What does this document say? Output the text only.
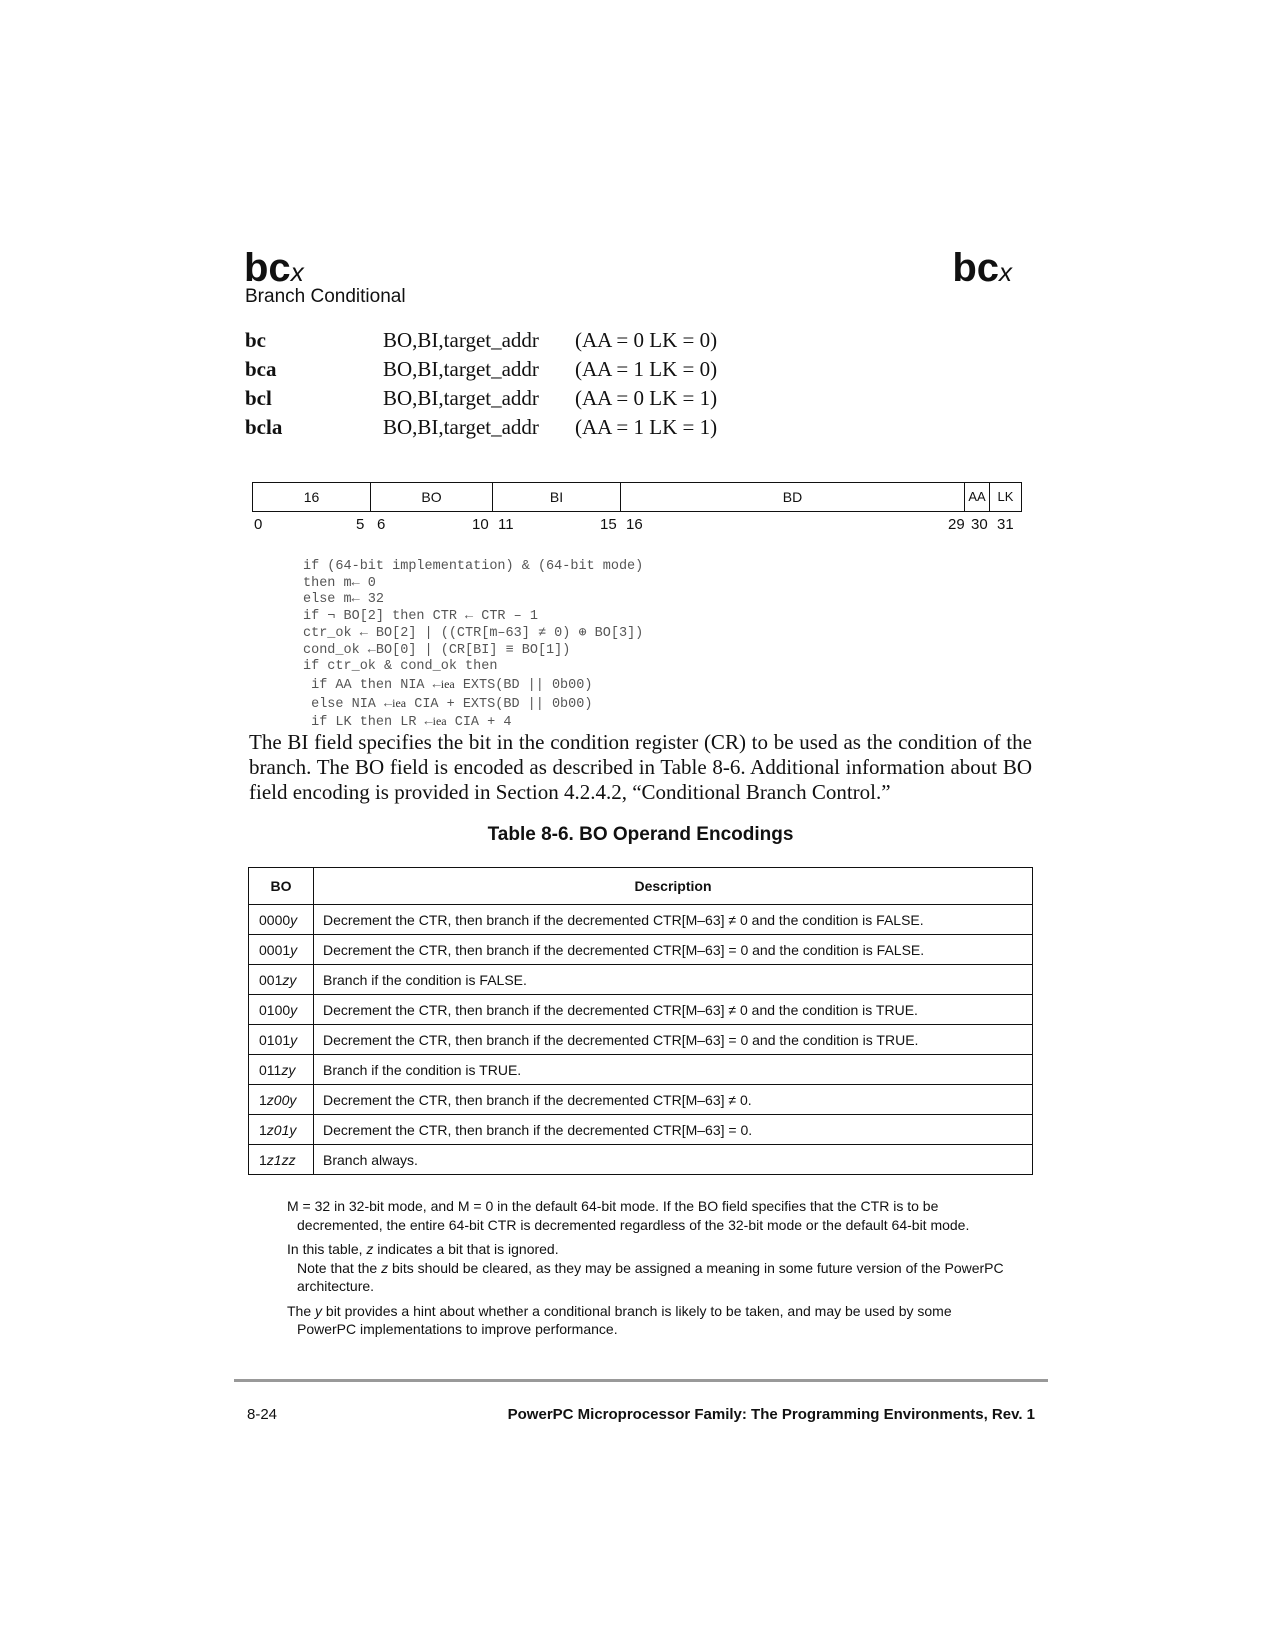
bcx	bcx
Branch Conditional
bc	BO,BI,target_addr (AA = 0 LK = 0)
bca	BO,BI,target_addr (AA = 1 LK = 0)
bcl	BO,BI,target_addr (AA = 0 LK = 1)
bcla	BO,BI,target_addr (AA = 1 LK = 1)
16	BO	BI	BD	AA LK
0	5 6	10 11	15 16	29 30 31
if (64-bit implementation) & (64-bit mode)
then m← 0
else m← 32
if ¬ BO[2] then CTR ← CTR – 1
ctr_ok ← BO[2] | ((CTR[m–63] ≠ 0) ⊕ BO[3])
cond_ok ←BO[0] | (CR[BI] ≡ BO[1])
if ctr_ok & cond_ok then
if AA then NIA ←iea EXTS(BD || 0b00)
else NIA ←iea CIA + EXTS(BD || 0b00)
if LK then LR ←iea CIA + 4
The BI field specifies the bit in the condition register (CR) to be used as the condition of the branch. The BO field is encoded as described in Table 8-6. Additional information about BO field encoding is provided in Section 4.2.4.2, “Conditional Branch Control.”
Table 8-6. BO Operand Encodings
BO	Description
0000y	Decrement the CTR, then branch if the decremented CTR[M–63] ≠ 0 and the condition is FALSE.
0001y	Decrement the CTR, then branch if the decremented CTR[M–63] = 0 and the condition is FALSE.
001zy	Branch if the condition is FALSE.
0100y	Decrement the CTR, then branch if the decremented CTR[M–63] ≠ 0 and the condition is TRUE.
0101y	Decrement the CTR, then branch if the decremented CTR[M–63] = 0 and the condition is TRUE.
011zy	Branch if the condition is TRUE.
1z00y	Decrement the CTR, then branch if the decremented CTR[M–63] ≠ 0.
1z01y	Decrement the CTR, then branch if the decremented CTR[M–63] = 0.
1z1zz	Branch always.

M = 32 in 32-bit mode, and M = 0 in the default 64-bit mode. If the BO field specifies that the CTR is to be decremented, the entire 64-bit CTR is decremented regardless of the 32-bit mode or the default 64-bit mode.

In this table, z indicates a bit that is ignored.

Note that the z bits should be cleared, as they may be assigned a meaning in some future version of the PowerPC architecture.

The y bit provides a hint about whether a conditional branch is likely to be taken, and may be used by some PowerPC implementations to improve performance.

8-24	PowerPC Microprocessor Family: The Programming Environments, Rev. 1
